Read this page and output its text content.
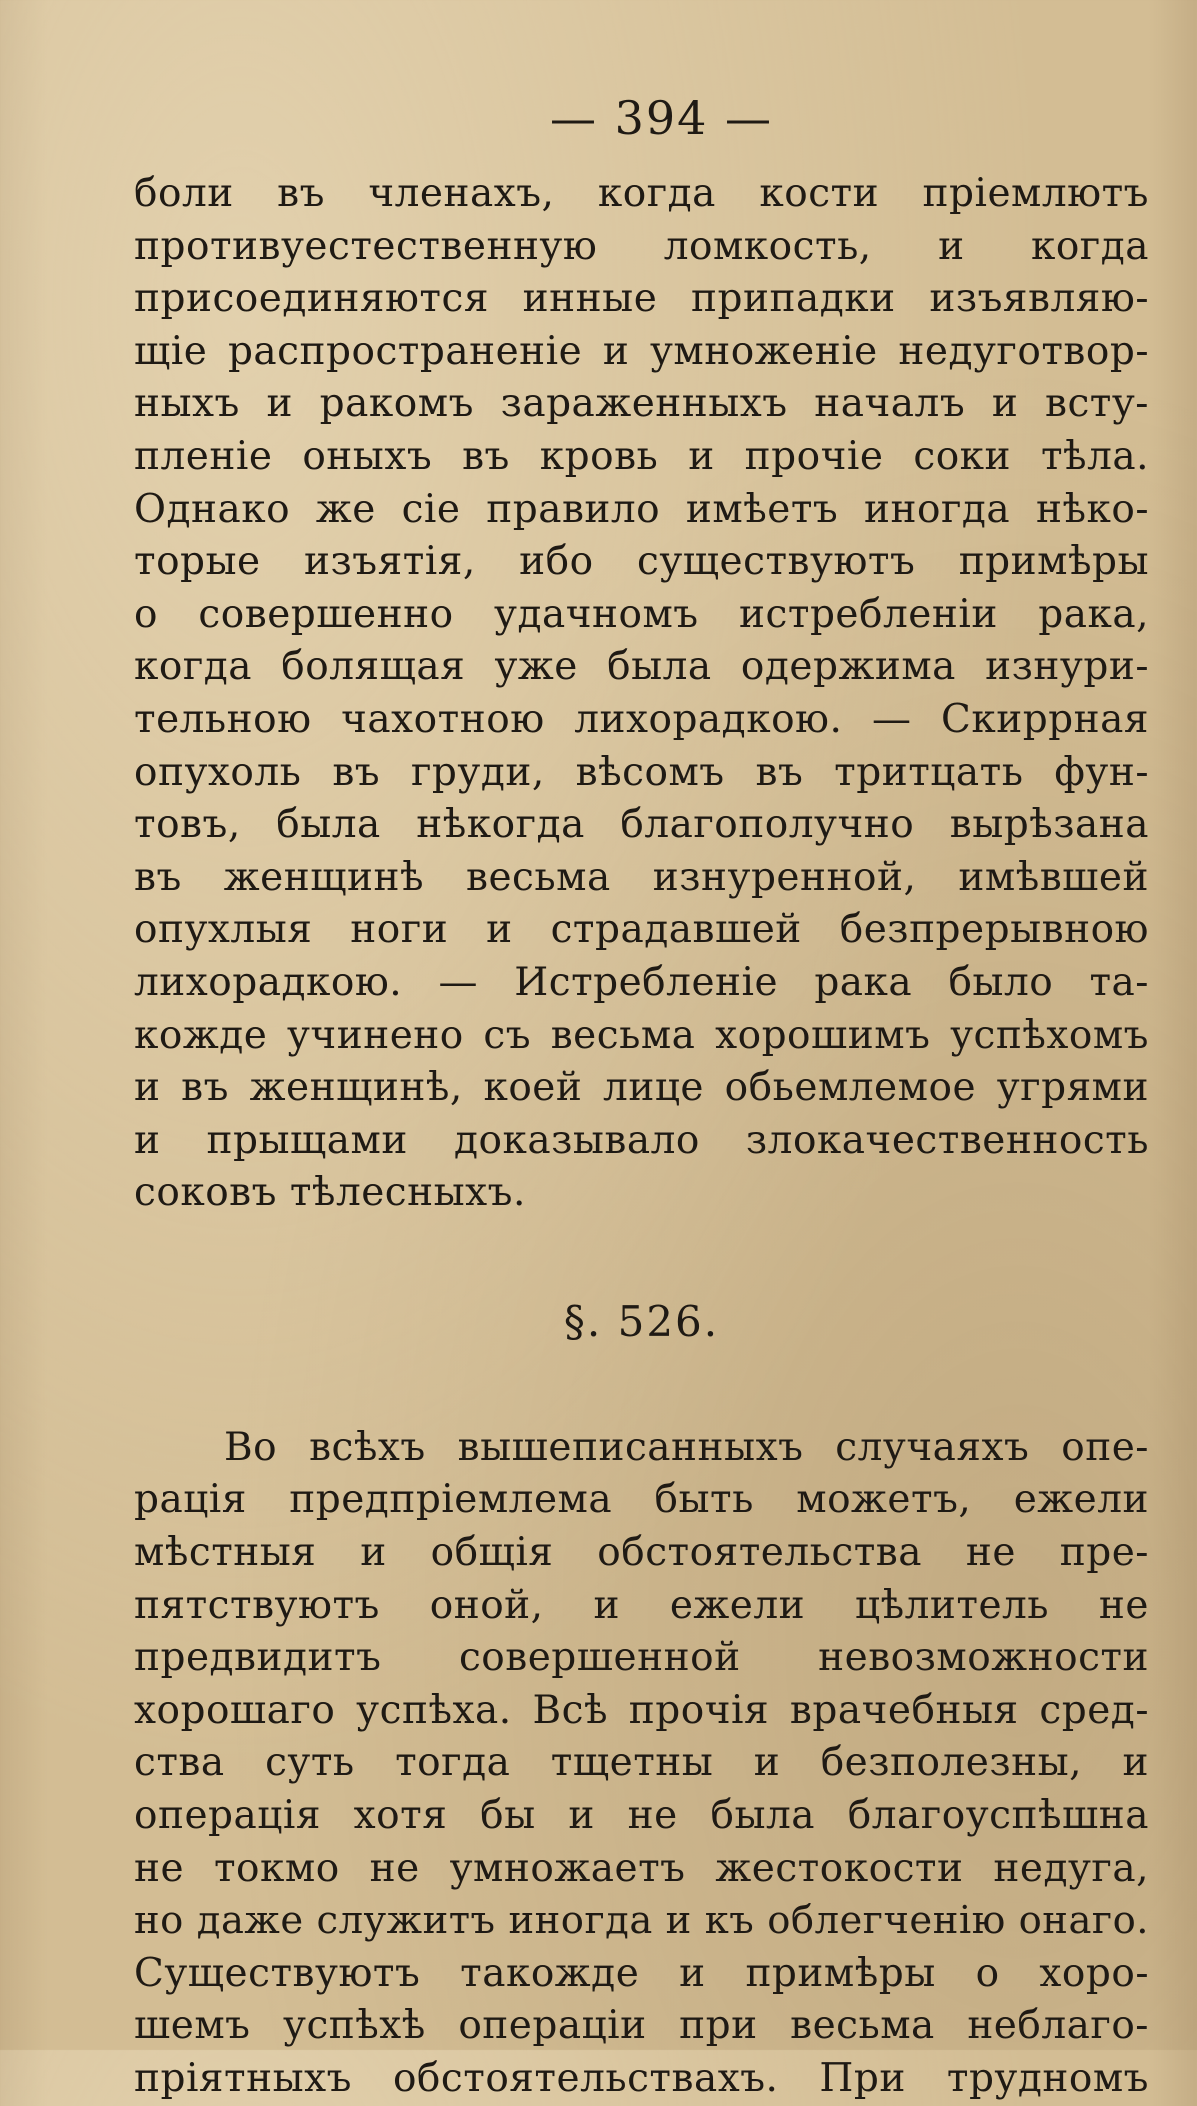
— 394 —
боли въ членахъ, когда кости пріемлютъ
противуестественную ломкость, и когда
присоединяются инные припадки изъявляю-
щіе распространеніе и умноженіе недуготвор-
ныхъ и ракомъ зараженныхъ началъ и всту-
пленіе оныхъ въ кровь и прочіе соки тѣла.
Однако же сіе правило имѣетъ иногда нѣко-
торые изъятія, ибо существуютъ примѣры
о совершенно удачномъ истребленіи рака,
когда болящая уже была одержима изнури-
тельною чахотною лихорадкою. — Скиррная
опухоль въ груди, вѣсомъ въ тритцать фун-
товъ, была нѣкогда благополучно вырѣзана
въ женщинѣ весьма изнуренной, имѣвшей
опухлыя ноги и страдавшей безпрерывною
лихорадкою. — Истребленіе рака было та-
кожде учинено съ весьма хорошимъ успѣхомъ
и въ женщинѣ, коей лице обьемлемое угрями
и прыщами доказывало злокачественность
соковъ тѣлесныхъ.
§. 526.
Во всѣхъ вышеписанныхъ случаяхъ опе-
рація предпріемлема быть можетъ, ежели
мѣстныя и общія обстоятельства не пре-
пятствуютъ оной, и ежели цѣлитель не
предвидитъ совершенной невозможности
хорошаго успѣха. Всѣ прочія врачебныя сред-
ства суть тогда тщетны и безполезны, и
операція хотя бы и не была благоуспѣшна
не токмо не умножаетъ жестокости недуга,
но даже служитъ иногда и къ облегченію онаго.
Существуютъ такожде и примѣры о хоро-
шемъ успѣхѣ операціи при весьма неблаго-
пріятныхъ обстоятельствахъ. При трудномъ
